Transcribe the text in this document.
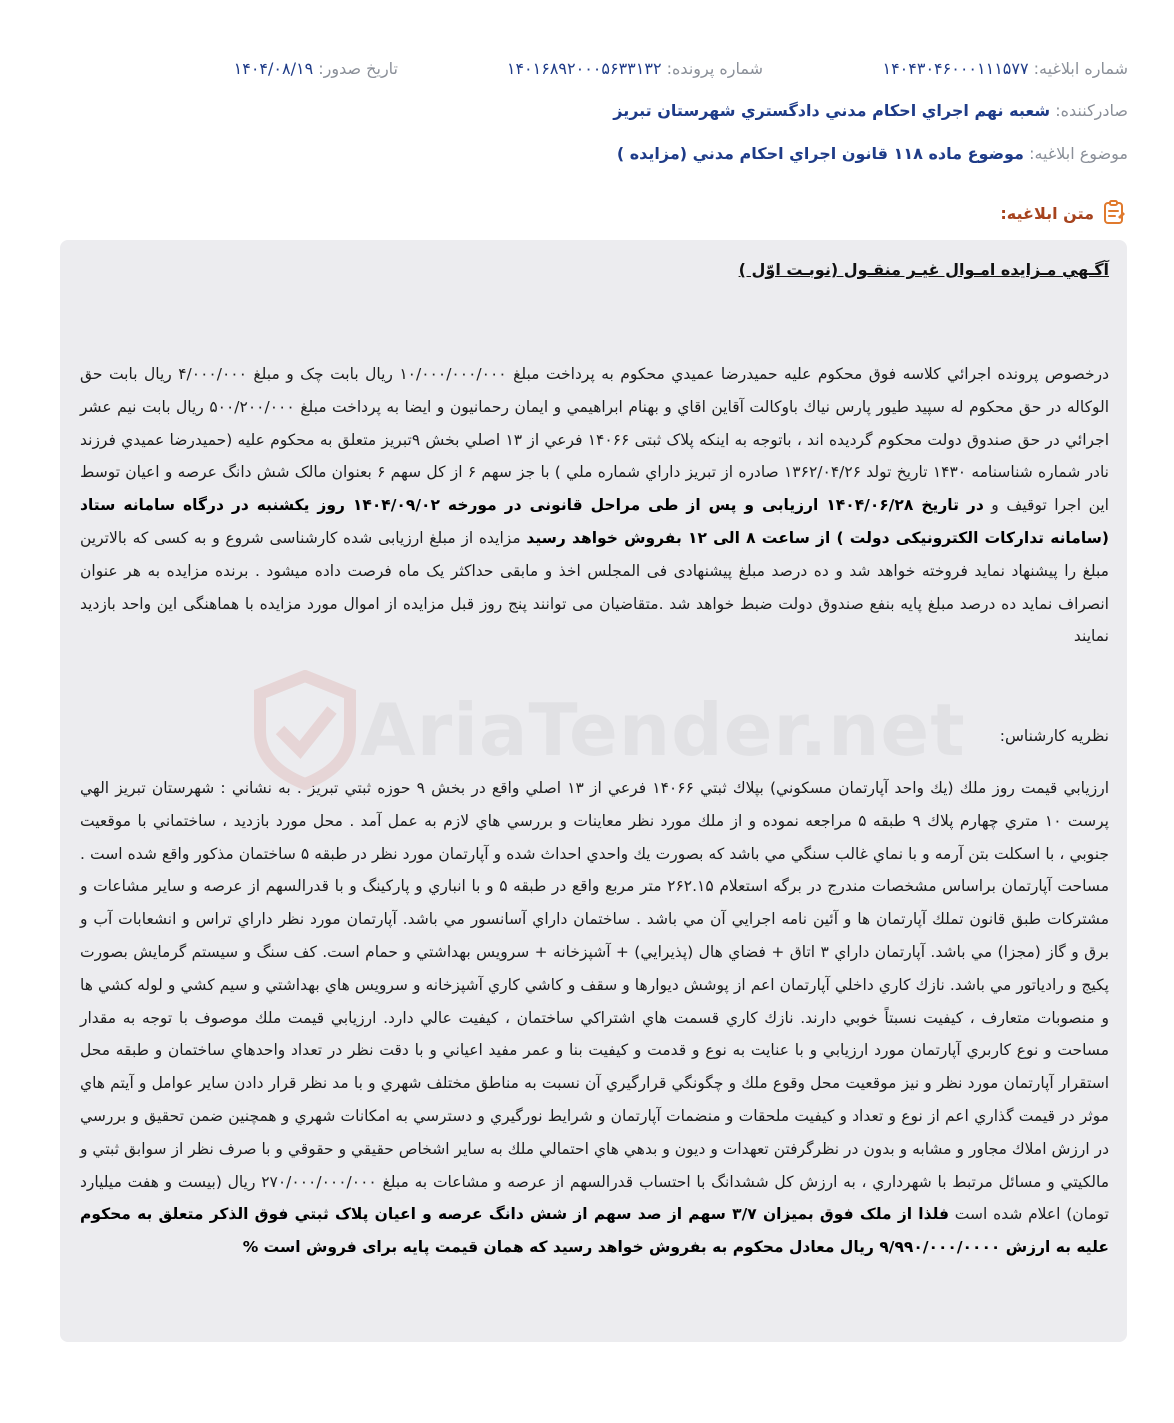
شماره ابلاغيه: ۱۴۰۴۳۰۴۶۰۰۰۱۱۱۵۷۷
شماره پرونده: ۱۴۰۱۶۸۹۲۰۰۰۵۶۳۳۱۳۲
تاريخ صدور: ۱۴۰۴/۰۸/۱۹
صادرکننده: شعبه نهم اجراي احکام مدني دادگستري شهرستان تبريز
موضوع ابلاغيه: موضوع ماده ۱۱۸ قانون اجراي احکام مدني (مزايده )
متن ابلاغيه:
AriaTender.net
آگـهي مـزايده امـوال غيـر منقـول (نوبـت اوّل )
درخصوص پرونده اجرائي کلاسه فوق محکوم عليه حميدرضا عميدي محکوم به پرداخت مبلغ ۱۰/۰۰۰/۰۰۰/۰۰۰ ريال بابت چک و مبلغ ۴/۰۰۰/۰۰۰ ريال بابت حق الوکاله در حق محکوم له سپيد طيور پارس نياك باوکالت آقاين اقاي و بهنام ابراهيمي و ايمان رحمانيون و ايضا به پرداخت مبلغ ۵۰۰/۲۰۰/۰۰۰ ريال بابت نيم عشر اجرائي در حق صندوق دولت محکوم گرديده اند ، باتوجه به اينکه پلاک ثبتی ۱۴۰۶۶ فرعي از ۱۳ اصلي بخش ۹تبريز متعلق به محکوم عليه (حميدرضا عميدي فرزند نادر شماره شناسنامه ۱۴۳۰ تاريخ تولد ۱۳۶۲/۰۴/۲۶ صادره از تبريز داراي شماره ملي ) با جز سهم ۶ از کل سهم ۶ بعنوان مالک شش دانگ عرصه و اعيان توسط اين اجرا توقيف و در تاريخ ۱۴۰۴/۰۶/۲۸ ارزيابی و پس از طی مراحل قانونی در مورخه ۱۴۰۴/۰۹/۰۲ روز يکشنبه در درگاه سامانه ستاد (سامانه تدارکات الکترونیکی دولت ) از ساعت ۸ الی ۱۲ بفروش خواهد رسيد مزايده از مبلغ ارزيابی شده کارشناسی شروع و به کسی که بالاترين مبلغ را پيشنهاد نمايد فروخته خواهد شد و ده درصد مبلغ پيشنهادی فی المجلس اخذ و مابقی حداکثر يک ماه فرصت داده ميشود . برنده مزايده به هر عنوان انصراف نمايد ده درصد مبلغ پايه بنفع صندوق دولت ضبط خواهد شد .متقاضيان می توانند پنج روز قبل مزايده از اموال مورد مزايده با هماهنگی اين واحد بازديد نمايند
نظريه کارشناس:
ارزيابي قيمت روز ملك (يك واحد آپارتمان مسكوني) بپلاك ثبتي ۱۴۰۶۶ فرعي از ۱۳ اصلي واقع در بخش ۹ حوزه ثبتي تبريز . به نشاني : شهرستان تبريز الهي پرست ۱۰ متري چهارم پلاك ۹ طبقه ۵ مراجعه نموده و از ملك مورد نظر معاينات و بررسي هاي لازم به عمل آمد . محل مورد بازديد ، ساختماني با موقعيت جنوبي ، با اسكلت بتن آرمه و با نماي غالب سنگي مي باشد كه بصورت يك واحدي احداث شده و آپارتمان مورد نظر در طبقه ۵ ساختمان مذكور واقع شده است . مساحت آپارتمان براساس مشخصات مندرج در برگه استعلام ۲۶۲.۱۵ متر مربع واقع در طبقه ۵ و با انباري و پاركينگ و با قدرالسهم از عرصه و ساير مشاعات و مشتركات طبق قانون تملك آپارتمان ها و آئين نامه اجرايي آن مي باشد . ساختمان داراي آسانسور مي باشد. آپارتمان مورد نظر داراي تراس و انشعابات آب و برق و گاز (مجزا) مي باشد. آپارتمان داراي ۳ اتاق + فضاي هال (پذيرايي) + آشپزخانه + سرويس بهداشتي و حمام است. كف سنگ و سيستم گرمايش بصورت پكيج و رادياتور مي باشد. نازك كاري داخلي آپارتمان اعم از پوشش ديوارها و سقف و كاشي كاري آشپزخانه و سرويس هاي بهداشتي و سيم كشي و لوله كشي ها و منصوبات متعارف ، كيفيت نسبتاً خوبي دارند. نازك كاري قسمت هاي اشتراكي ساختمان ، كيفيت عالي دارد. ارزيابي قيمت ملك موصوف با توجه به مقدار مساحت و نوع كاربري آپارتمان مورد ارزيابي و با عنايت به نوع و قدمت و كيفيت بنا و عمر مفيد اعياني و با دقت نظر در تعداد واحدهاي ساختمان و طبقه محل استقرار آپارتمان مورد نظر و نيز موقعيت محل وقوع ملك و چگونگي قرارگيري آن نسبت به مناطق مختلف شهري و با مد نظر قرار دادن ساير عوامل و آيتم هاي موثر در قيمت گذاري اعم از نوع و تعداد و كيفيت ملحقات و منضمات آپارتمان و شرايط نورگيري و دسترسي به امكانات شهري و همچنين ضمن تحقيق و بررسي در ارزش املاك مجاور و مشابه و بدون در نظرگرفتن تعهدات و ديون و بدهي هاي احتمالي ملك به ساير اشخاص حقيقي و حقوقي و با صرف نظر از سوابق ثبتي و مالكيتي و مسائل مرتبط با شهرداري ، به ارزش كل ششدانگ با احتساب قدرالسهم از عرصه و مشاعات به مبلغ ۲۷۰/۰۰۰/۰۰۰/۰۰۰ ريال (بيست و هفت ميليارد تومان) اعلام شده است فلذا از ملک فوق بميزان ۳/۷ سهم از صد سهم از شش دانگ عرصه و اعيان پلاک ثبتي فوق الذکر متعلق به محکوم عليه به ارزش ۹/۹۹۰/۰۰۰/۰۰۰۰ ريال معادل محکوم به بفروش خواهد رسيد که همان قيمت پايه برای فروش است %
